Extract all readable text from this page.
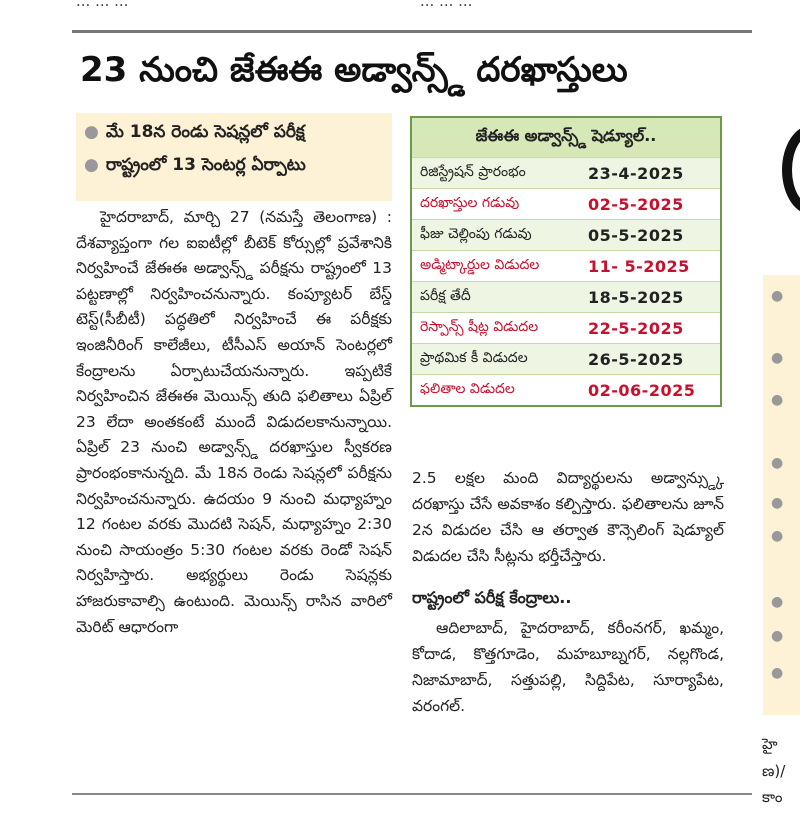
... ... ...	... ... ...
23 నుంచి జేఈఈ అడ్వాన్స్డ్ దరఖాస్తులు
● మే 18న రెండు సెషన్లలో పరీక్ష
● రాష్ట్రంలో 13 సెంటర్ల ఏర్పాటు

హైదరాబాద్, మార్చి 27 (నమస్తే తెలంగాణ) : దేశవ్యాప్తంగా గల ఐఐటీల్లో బీటెక్ కోర్సుల్లో ప్రవేశానికి నిర్వహించే జేఈఈ అడ్వాన్స్డ్ పరీక్షను రాష్ట్రంలో 13 పట్టణాల్లో నిర్వహించనున్నారు. కంప్యూటర్ బేస్డ్ టెస్ట్(సీబీటీ) పద్ధతిలో నిర్వహించే ఈ పరీక్షకు ఇంజినీరింగ్ కాలేజీలు, టీసీఎస్ అయాన్ సెంటర్లలో కేంద్రాలను ఏర్పాటుచేయనున్నారు. ఇప్పటికే నిర్వహించిన జేఈఈ మెయిన్స్ తుది ఫలితాలు ఏప్రిల్ 23 లేదా అంతకంటే ముందే విడుదలకానున్నాయి. ఏప్రిల్ 23 నుంచి అడ్వాన్స్డ్ దరఖాస్తుల స్వీకరణ ప్రారంభంకానున్నది. మే 18న రెండు సెషన్లలో పరీక్షను నిర్వహించనున్నారు. ఉదయం 9 నుంచి మధ్యాహ్నం 12 గంటల వరకు మొదటి సెషన్, మధ్యాహ్నం 2:30 నుంచి సాయంత్రం 5:30 గంటల వరకు రెండో సెషన్ నిర్వహిస్తారు. అభ్యర్థులు రెండు సెషన్లకు హాజరుకావాల్సి ఉంటుంది. మెయిన్స్ రాసిన వారిలో మెరిట్ ఆధారంగా

జేఈఈ అడ్వాన్స్డ్ షెడ్యూల్..
రిజిస్ట్రేషన్ ప్రారంభం	23-4-2025
దరఖాస్తుల గడువు	02-5-2025
ఫీజు చెల్లింపు గడువు	05-5-2025
అడ్మిట్కార్డుల విడుదల	11- 5-2025
పరీక్ష తేదీ	18-5-2025
రెస్పాన్స్ షీట్ల విడుదల	22-5-2025
ప్రాథమిక కీ విడుదల	26-5-2025
ఫలితాల విడుదల	02-06-2025

2.5 లక్షల మంది విద్యార్థులను అడ్వాన్స్డ్కు దరఖాస్తు చేసే అవకాశం కల్పిస్తారు. ఫలితాలను జూన్ 2న విడుదల చేసి ఆ తర్వాత కౌన్సెలింగ్ షెడ్యూల్ విడుదల చేసి సీట్లను భర్తీచేస్తారు.

రాష్ట్రంలో పరీక్ష కేంద్రాలు..

ఆదిలాబాద్, హైదరాబాద్, కరీంనగర్, ఖమ్మం, కోదాడ, కొత్తగూడెం, మహబూబ్నగర్, నల్లగొండ, నిజామాబాద్, సత్తుపల్లి, సిద్దిపేట, సూర్యాపేట, వరంగల్.

●
●
●
●
●
●
●
●
●
హై
ణ)/
కాం
